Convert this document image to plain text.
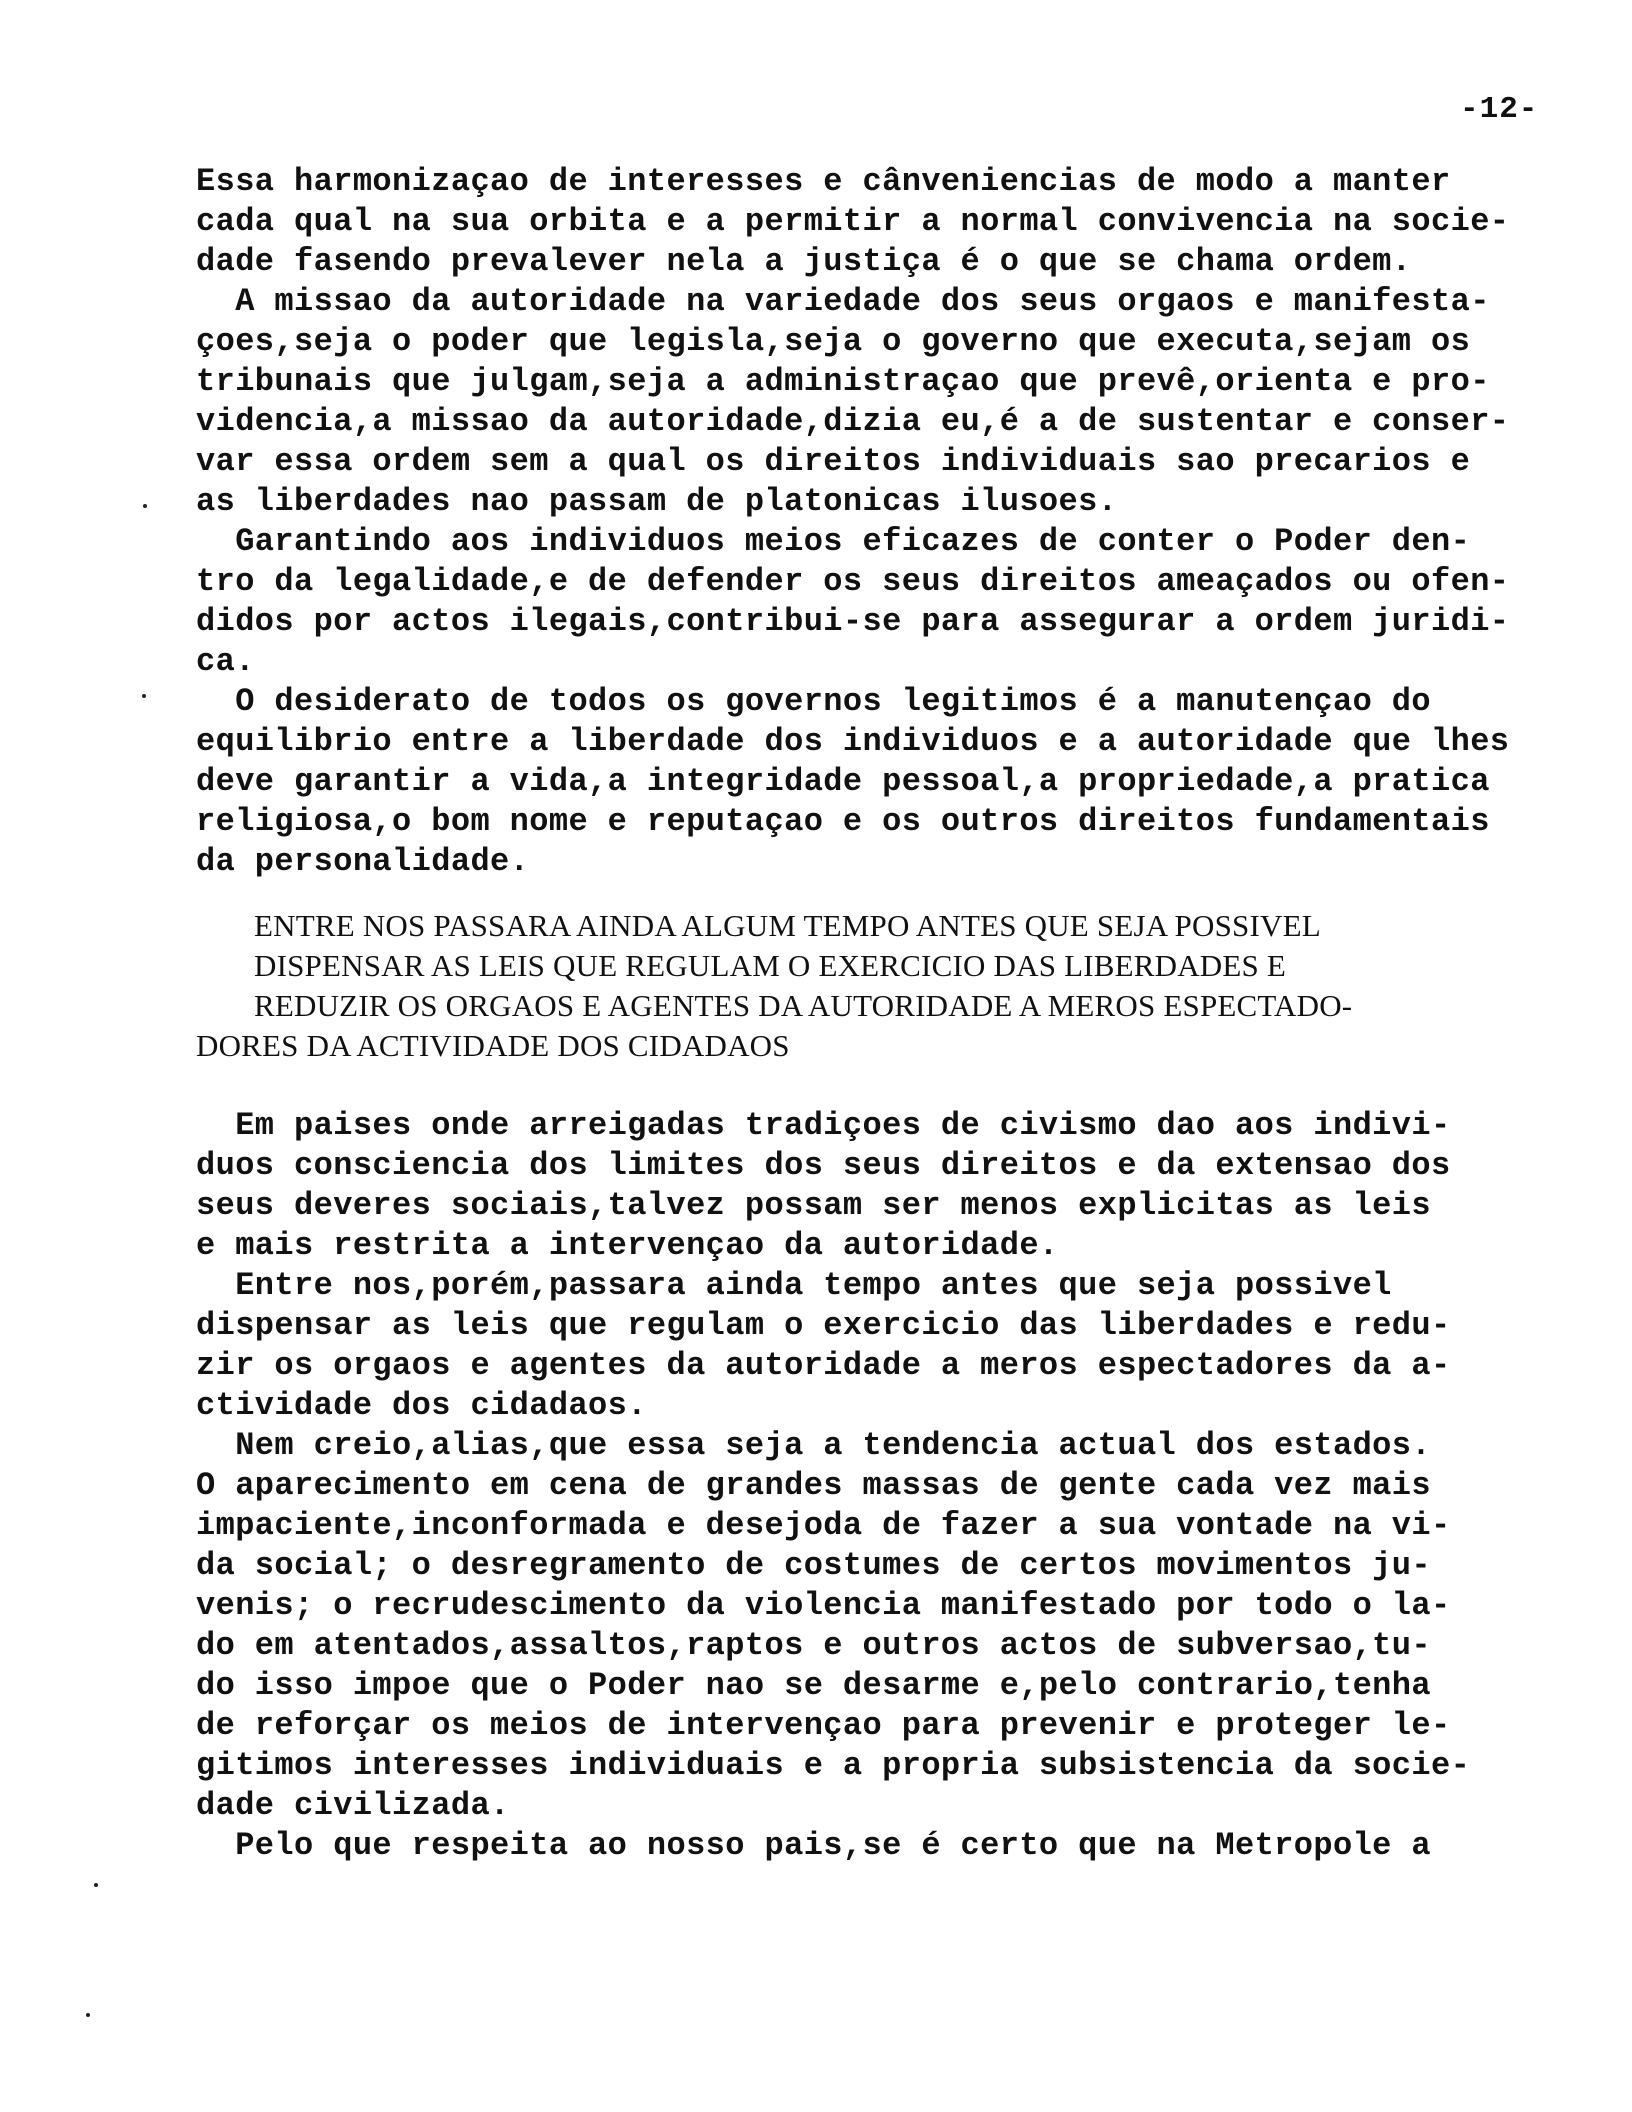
-12-
Essa harmonizaçao de interesses e cânveniencias de modo a manter
cada qual na sua orbita e a permitir a normal convivencia na socie-
dade fasendo prevalever nela a justiça é o que se chama ordem.
A missao da autoridade na variedade dos seus orgaos e manifesta-
çoes,seja o poder que legisla,seja o governo que executa,sejam os
tribunais que julgam,seja a administraçao que prevê,orienta e pro-
videncia,a missao da autoridade,dizia eu,é a de sustentar e conser-
var essa ordem sem a qual os direitos individuais sao precarios e
as liberdades nao passam de platonicas ilusoes.
Garantindo aos individuos meios eficazes de conter o Poder den-
tro da legalidade,e de defender os seus direitos ameaçados ou ofen-
didos por actos ilegais,contribui-se para assegurar a ordem juridi-
ca.
O desiderato de todos os governos legitimos é a manutençao do
equilibrio entre a liberdade dos individuos e a autoridade que lhes
deve garantir a vida,a integridade pessoal,a propriedade,a pratica
religiosa,o bom nome e reputaçao e os outros direitos fundamentais
da personalidade.
ENTRE NOS PASSARA AINDA ALGUM TEMPO ANTES QUE SEJA POSSIVEL
DISPENSAR AS LEIS QUE REGULAM O EXERCICIO DAS LIBERDADES E
REDUZIR OS ORGAOS E AGENTES DA AUTORIDADE A MEROS ESPECTADO-
DORES DA ACTIVIDADE DOS CIDADAOS
Em paises onde arreigadas tradiçoes de civismo dao aos indivi-
duos consciencia dos limites dos seus direitos e da extensao dos
seus deveres sociais,talvez possam ser menos explicitas as leis
e mais restrita a intervençao da autoridade.
Entre nos,porém,passara ainda tempo antes que seja possivel
dispensar as leis que regulam o exercicio das liberdades e redu-
zir os orgaos e agentes da autoridade a meros espectadores da a-
ctividade dos cidadaos.
Nem creio,alias,que essa seja a tendencia actual dos estados.
O aparecimento em cena de grandes massas de gente cada vez mais
impaciente,inconformada e desejoda de fazer a sua vontade na vi-
da social; o desregramento de costumes de certos movimentos ju-
venis; o recrudescimento da violencia manifestado por todo o la-
do em atentados,assaltos,raptos e outros actos de subversao,tu-
do isso impoe que o Poder nao se desarme e,pelo contrario,tenha
de reforçar os meios de intervençao para prevenir e proteger le-
gitimos interesses individuais e a propria subsistencia da socie-
dade civilizada.
Pelo que respeita ao nosso pais,se é certo que na Metropole a
